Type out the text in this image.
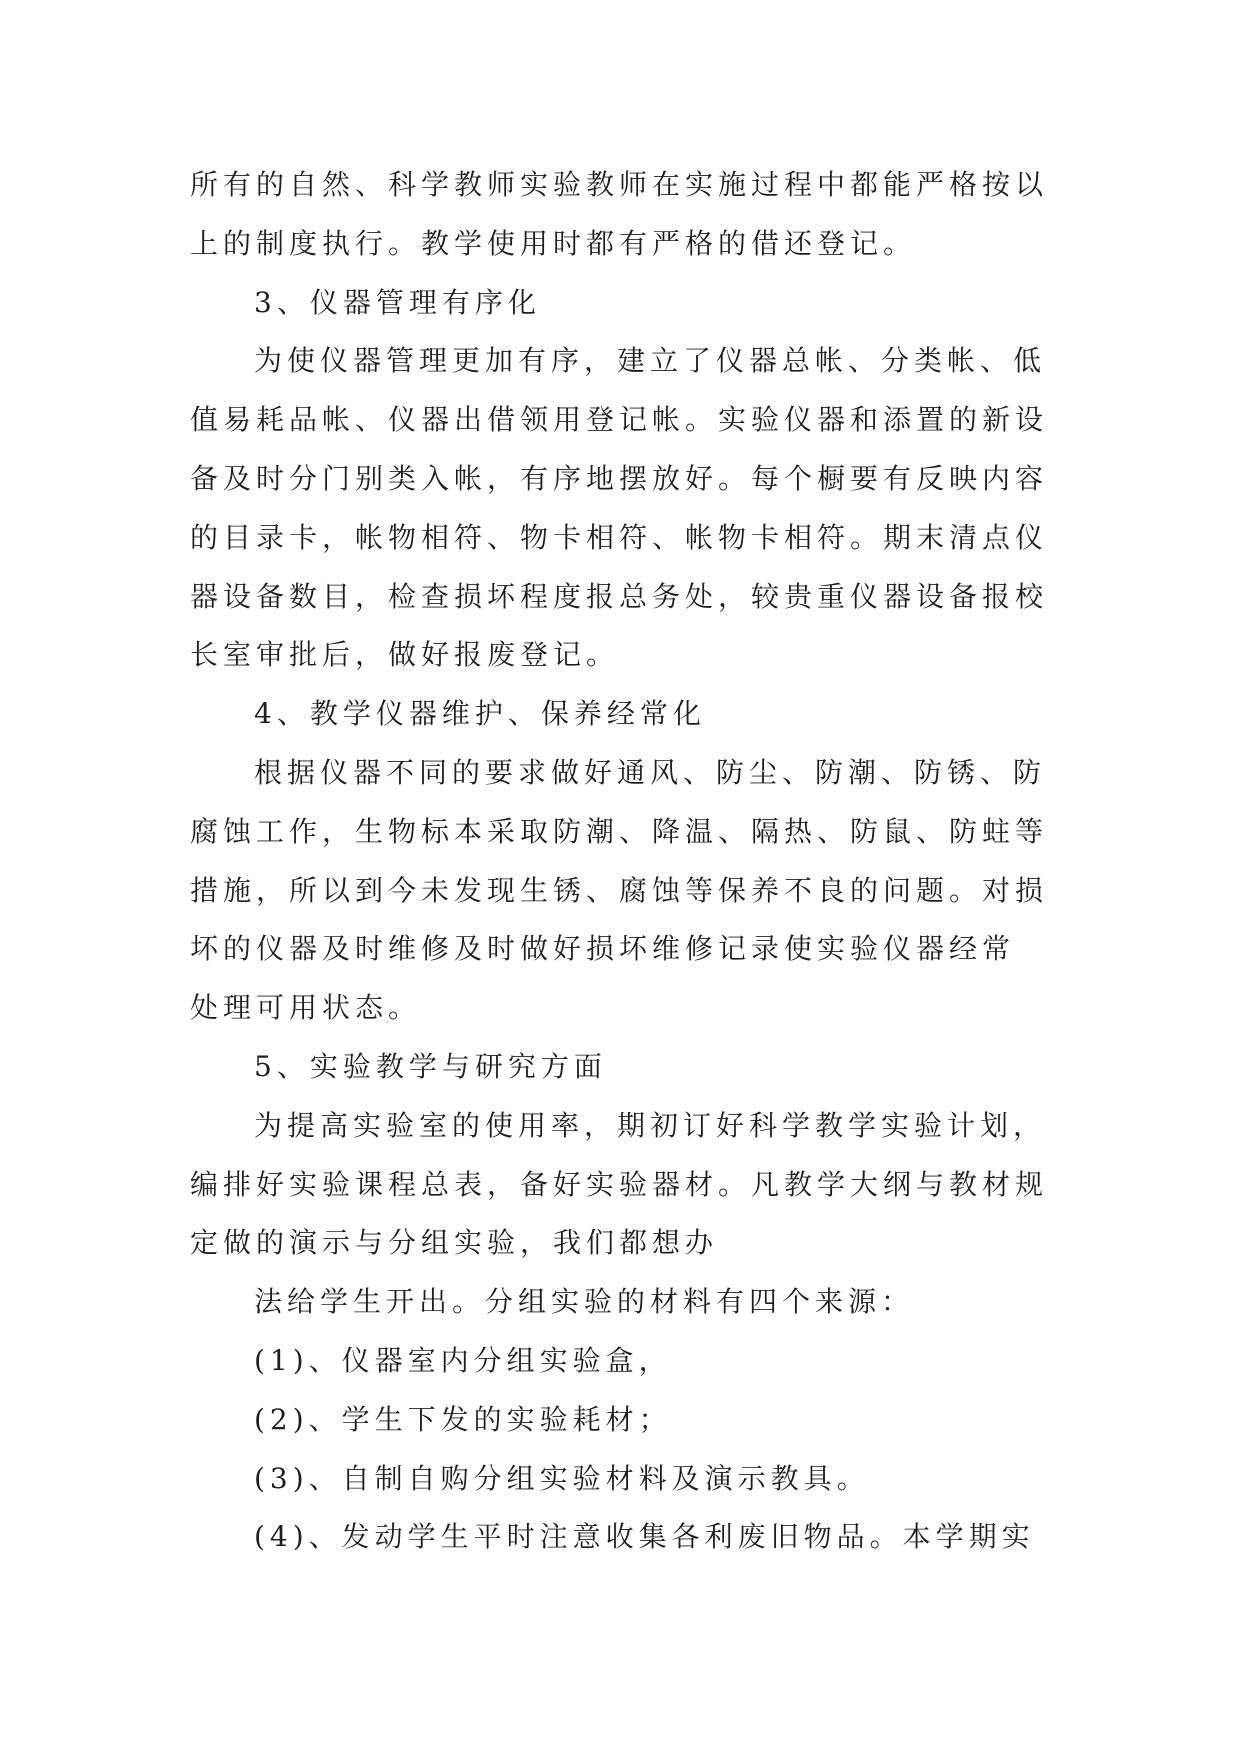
所有的自然、科学教师实验教师在实施过程中都能严格按以
上的制度执行。教学使用时都有严格的借还登记。
3、仪器管理有序化
为使仪器管理更加有序，建立了仪器总帐、分类帐、低
值易耗品帐、仪器出借领用登记帐。实验仪器和添置的新设
备及时分门别类入帐，有序地摆放好。每个橱要有反映内容
的目录卡，帐物相符、物卡相符、帐物卡相符。期末清点仪
器设备数目，检查损坏程度报总务处，较贵重仪器设备报校
长室审批后，做好报废登记。
4、教学仪器维护、保养经常化
根据仪器不同的要求做好通风、防尘、防潮、防锈、防
腐蚀工作，生物标本采取防潮、降温、隔热、防鼠、防蛀等
措施，所以到今未发现生锈、腐蚀等保养不良的问题。对损
坏的仪器及时维修及时做好损坏维修记录使实验仪器经常
处理可用状态。
5、实验教学与研究方面
为提高实验室的使用率，期初订好科学教学实验计划，
编排好实验课程总表，备好实验器材。凡教学大纲与教材规
定做的演示与分组实验，我们都想办
法给学生开出。分组实验的材料有四个来源：
(1)、仪器室内分组实验盒，
(2)、学生下发的实验耗材；
(3)、自制自购分组实验材料及演示教具。
(4)、发动学生平时注意收集各利废旧物品。本学期实
